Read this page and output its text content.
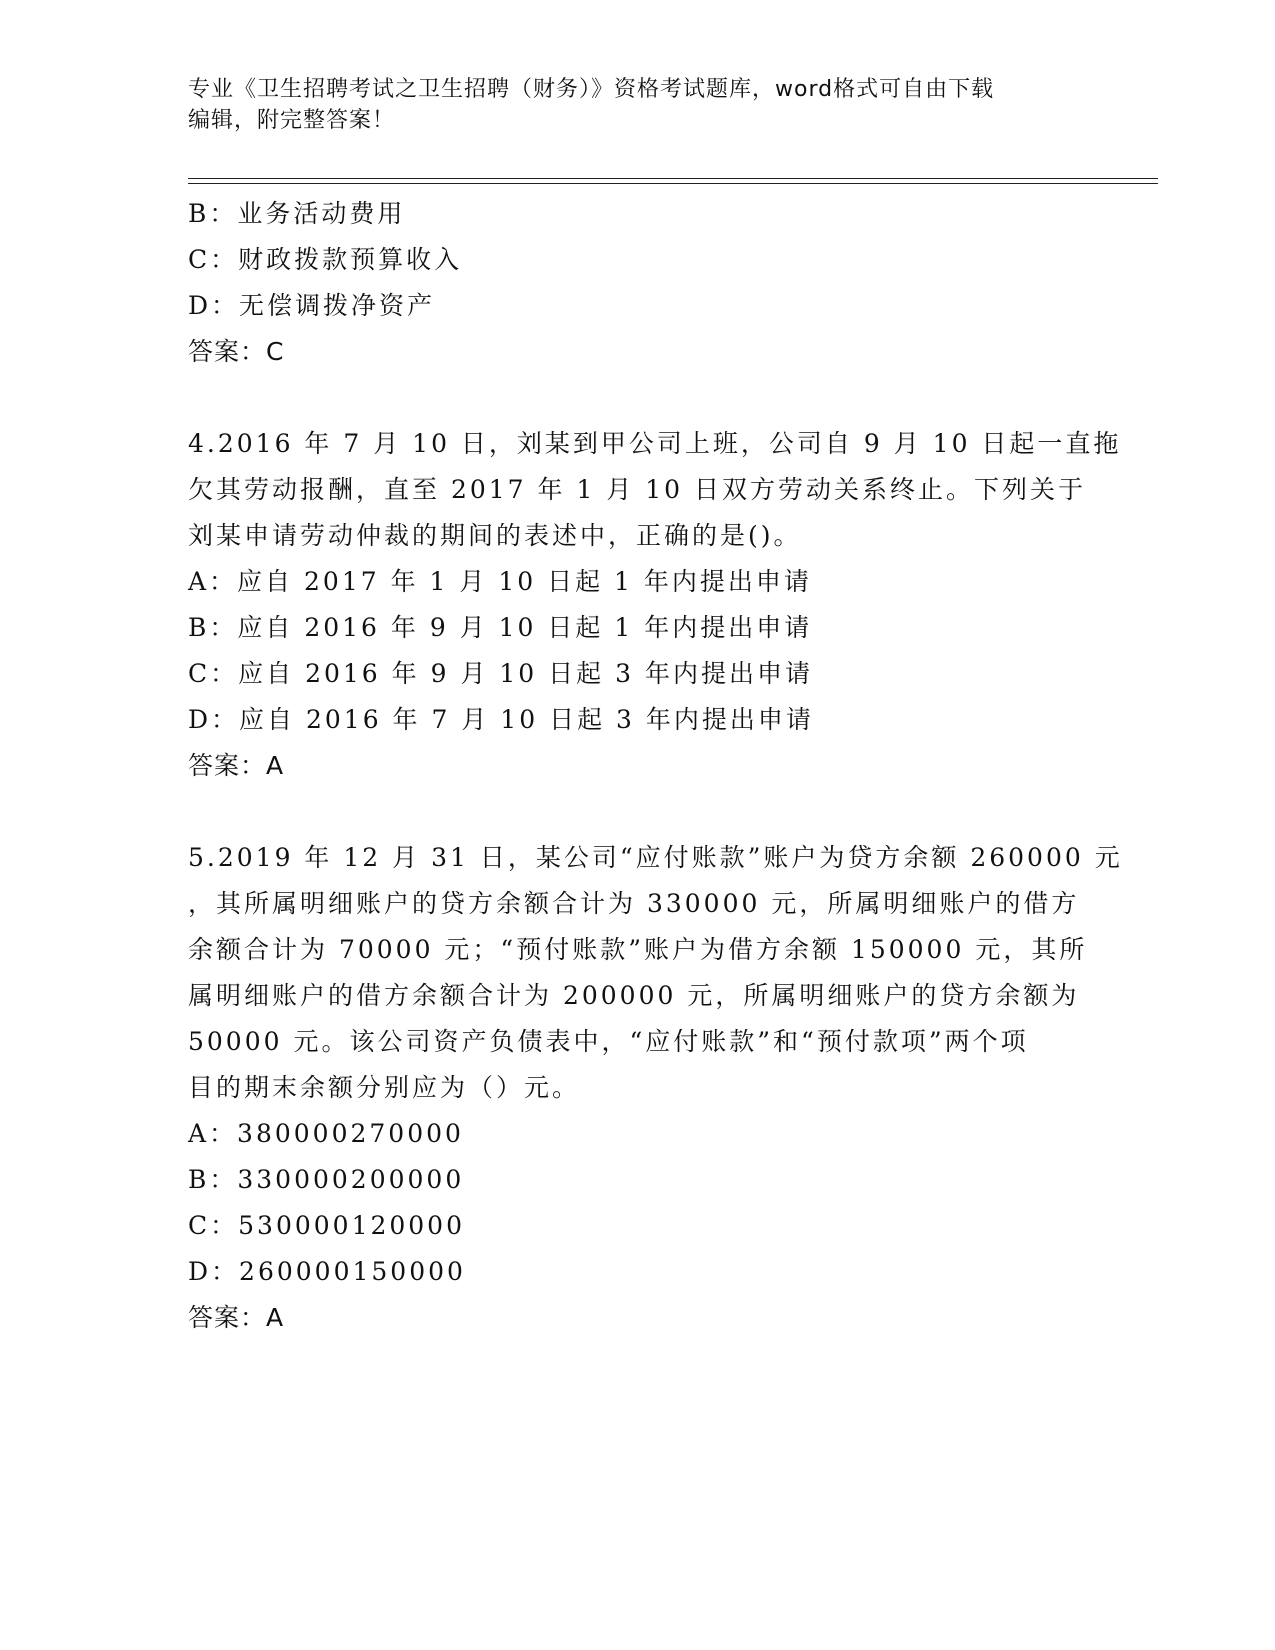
专业《卫生招聘考试之卫生招聘（财务）》资格考试题库，word格式可自由下载
编辑，附完整答案！
B：业务活动费用
C：财政拨款预算收入
D：无偿调拨净资产
答案：C
4.2016 年 7 月 10 日，刘某到甲公司上班，公司自 9 月 10 日起一直拖
欠其劳动报酬，直至 2017 年 1 月 10 日双方劳动关系终止。下列关于
刘某申请劳动仲裁的期间的表述中，正确的是()。
A：应自 2017 年 1 月 10 日起 1 年内提出申请
B：应自 2016 年 9 月 10 日起 1 年内提出申请
C：应自 2016 年 9 月 10 日起 3 年内提出申请
D：应自 2016 年 7 月 10 日起 3 年内提出申请
答案：A
5.2019 年 12 月 31 日，某公司“应付账款”账户为贷方余额 260000 元
，其所属明细账户的贷方余额合计为 330000 元，所属明细账户的借方
余额合计为 70000 元；“预付账款”账户为借方余额 150000 元，其所
属明细账户的借方余额合计为 200000 元，所属明细账户的贷方余额为
50000 元。该公司资产负债表中，“应付账款”和“预付款项”两个项
目的期末余额分别应为（）元。
A：380000270000
B：330000200000
C：530000120000
D：260000150000
答案：A
